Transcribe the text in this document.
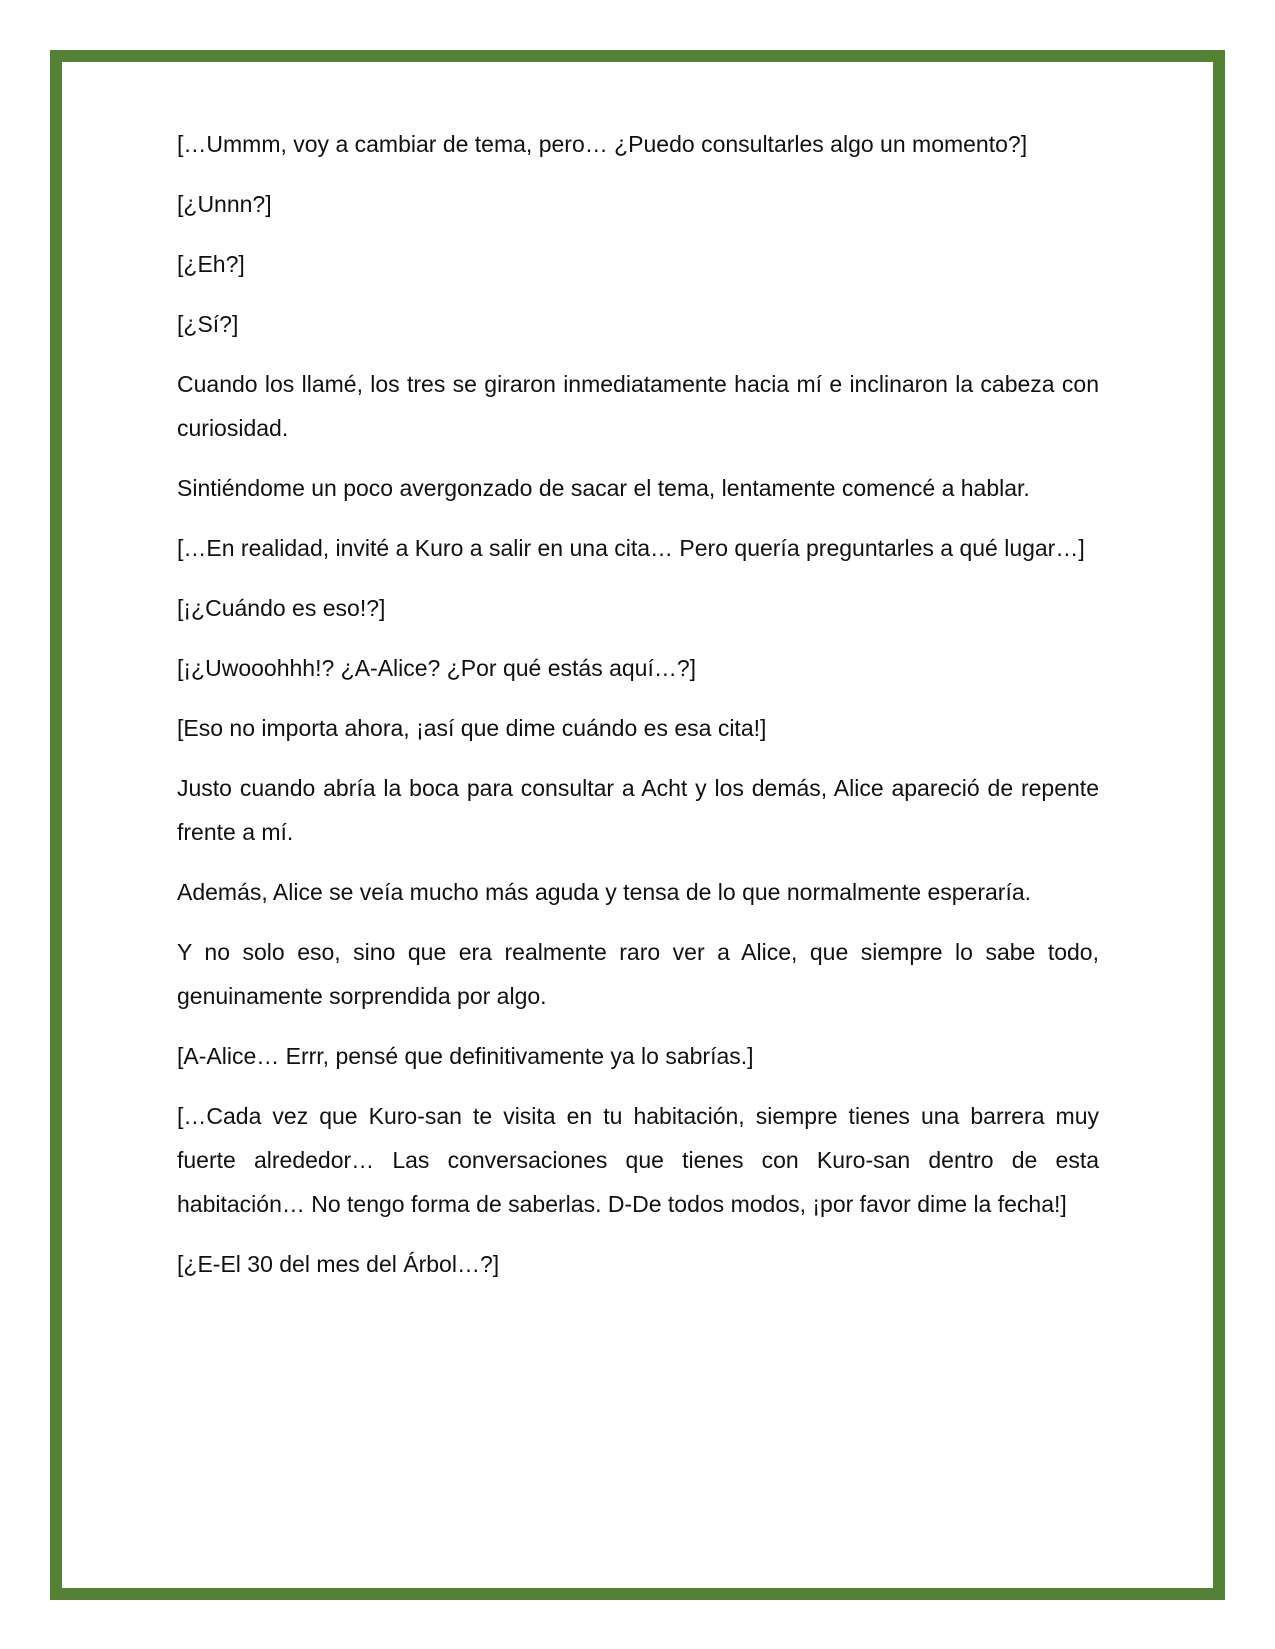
[…Ummm, voy a cambiar de tema, pero… ¿Puedo consultarles algo un momento?]

[¿Unnn?]

[¿Eh?]

[¿Sí?]

Cuando los llamé, los tres se giraron inmediatamente hacia mí e inclinaron la cabeza con curiosidad.

Sintiéndome un poco avergonzado de sacar el tema, lentamente comencé a hablar.

[…En realidad, invité a Kuro a salir en una cita… Pero quería preguntarles a qué lugar…]

[¡¿Cuándo es eso!?]

[¡¿Uwooohhh!? ¿A-Alice? ¿Por qué estás aquí…?]

[Eso no importa ahora, ¡así que dime cuándo es esa cita!]

Justo cuando abría la boca para consultar a Acht y los demás, Alice apareció de repente frente a mí.

Además, Alice se veía mucho más aguda y tensa de lo que normalmente esperaría.

Y no solo eso, sino que era realmente raro ver a Alice, que siempre lo sabe todo, genuinamente sorprendida por algo.

[A-Alice… Errr, pensé que definitivamente ya lo sabrías.]

[…Cada vez que Kuro-san te visita en tu habitación, siempre tienes una barrera muy fuerte alrededor… Las conversaciones que tienes con Kuro-san dentro de esta habitación… No tengo forma de saberlas. D-De todos modos, ¡por favor dime la fecha!]

[¿E-El 30 del mes del Árbol…?]
